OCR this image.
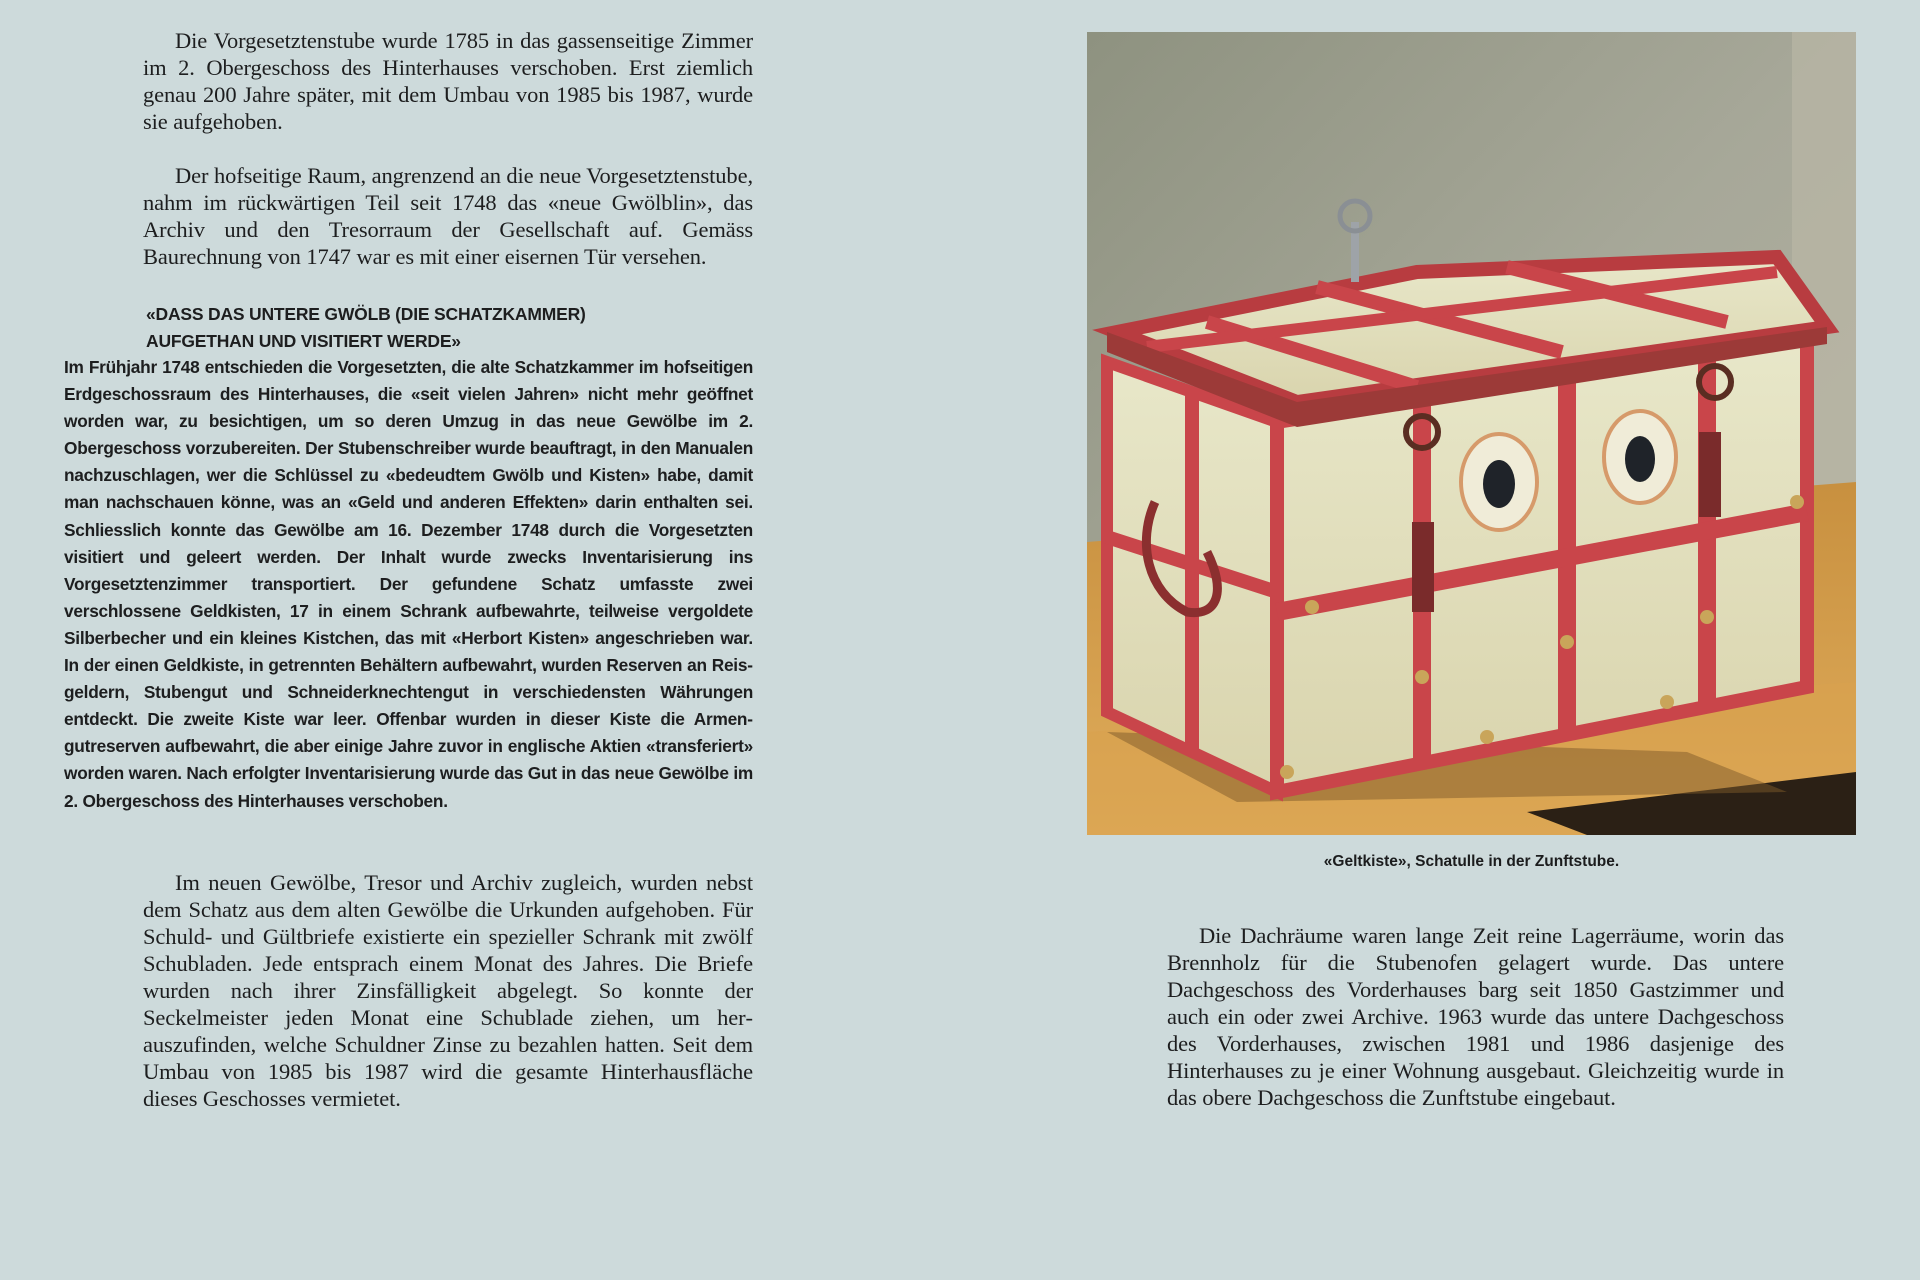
Die Vorgesetztenstube wurde 1785 in das gassenseitige Zimmer im 2. Obergeschoss des Hinterhauses verschoben. Erst ziemlich genau 200 Jahre später, mit dem Umbau von 1985 bis 1987, wurde sie aufgehoben.

Der hofseitige Raum, angrenzend an die neue Vorgesetztenstube, nahm im rückwärtigen Teil seit 1748 das «neue Gwölblin», das Archiv und den Tresorraum der Gesellschaft auf. Gemäss Baurechnung von 1747 war es mit einer eisernen Tür versehen.

«DASS DAS UNTERE GWÖLB (DIE SCHATZKAMMER)
AUFGETHAN UND VISITIERT WERDE»

Im Frühjahr 1748 entschieden die Vorgesetzten, die alte Schatzkammer im hofseitigen Erdgeschossraum des Hinterhauses, die «seit vielen Jahren» nicht mehr geöffnet worden war, zu besichtigen, um so deren Umzug in das neue Gewölbe im 2. Obergeschoss vorzubereiten. Der Stubenschreiber wurde beauftragt, in den Manualen nachzuschlagen, wer die Schlüssel zu «bedeudtem Gwölb und Kisten» habe, damit man nachschauen könne, was an «Geld und anderen Effekten» darin enthalten sei. Schliesslich konnte das Gewölbe am 16. Dezember 1748 durch die Vorgesetzten visitiert und geleert werden. Der Inhalt wurde zwecks Inventarisierung ins Vorgesetztenzimmer transportiert. Der gefundene Schatz umfasste zwei verschlossene Geldkisten, 17 in einem Schrank aufbewahrte, teilweise vergoldete Silberbecher und ein kleines Kistchen, das mit «Herbort Kisten» angeschrieben war. In der einen Geldkiste, in getrennten Behältern aufbewahrt, wurden Reserven an Reisgeldern, Stubengut und Schneiderknechtengut in verschiedensten Währungen entdeckt. Die zweite Kiste war leer. Offenbar wurden in dieser Kiste die Armengutreserven aufbewahrt, die aber einige Jahre zuvor in englische Aktien «transferiert» worden waren. Nach erfolgter Inventarisierung wurde das Gut in das neue Gewölbe im 2. Obergeschoss des Hinterhauses verschoben.

Im neuen Gewölbe, Tresor und Archiv zugleich, wurden nebst dem Schatz aus dem alten Gewölbe die Urkunden aufgehoben. Für Schuld- und Gültbriefe existierte ein spezieller Schrank mit zwölf Schubladen. Jede entsprach einem Monat des Jahres. Die Briefe wurden nach ihrer Zinsfälligkeit abgelegt. So konnte der Seckelmeister jeden Monat eine Schublade ziehen, um herauszufinden, welche Schuldner Zinse zu bezahlen hatten. Seit dem Umbau von 1985 bis 1987 wird die gesamte Hinterhausfläche dieses Geschosses vermietet.

«Geltkiste», Schatulle in der Zunftstube.

Die Dachräume waren lange Zeit reine Lagerräume, worin das Brennholz für die Stubenofen gelagert wurde. Das untere Dachgeschoss des Vorderhauses barg seit 1850 Gastzimmer und auch ein oder zwei Archive. 1963 wurde das untere Dachgeschoss des Vorderhauses, zwischen 1981 und 1986 dasjenige des Hinterhauses zu je einer Wohnung ausgebaut. Gleichzeitig wurde in das obere Dachgeschoss die Zunftstube eingebaut.
